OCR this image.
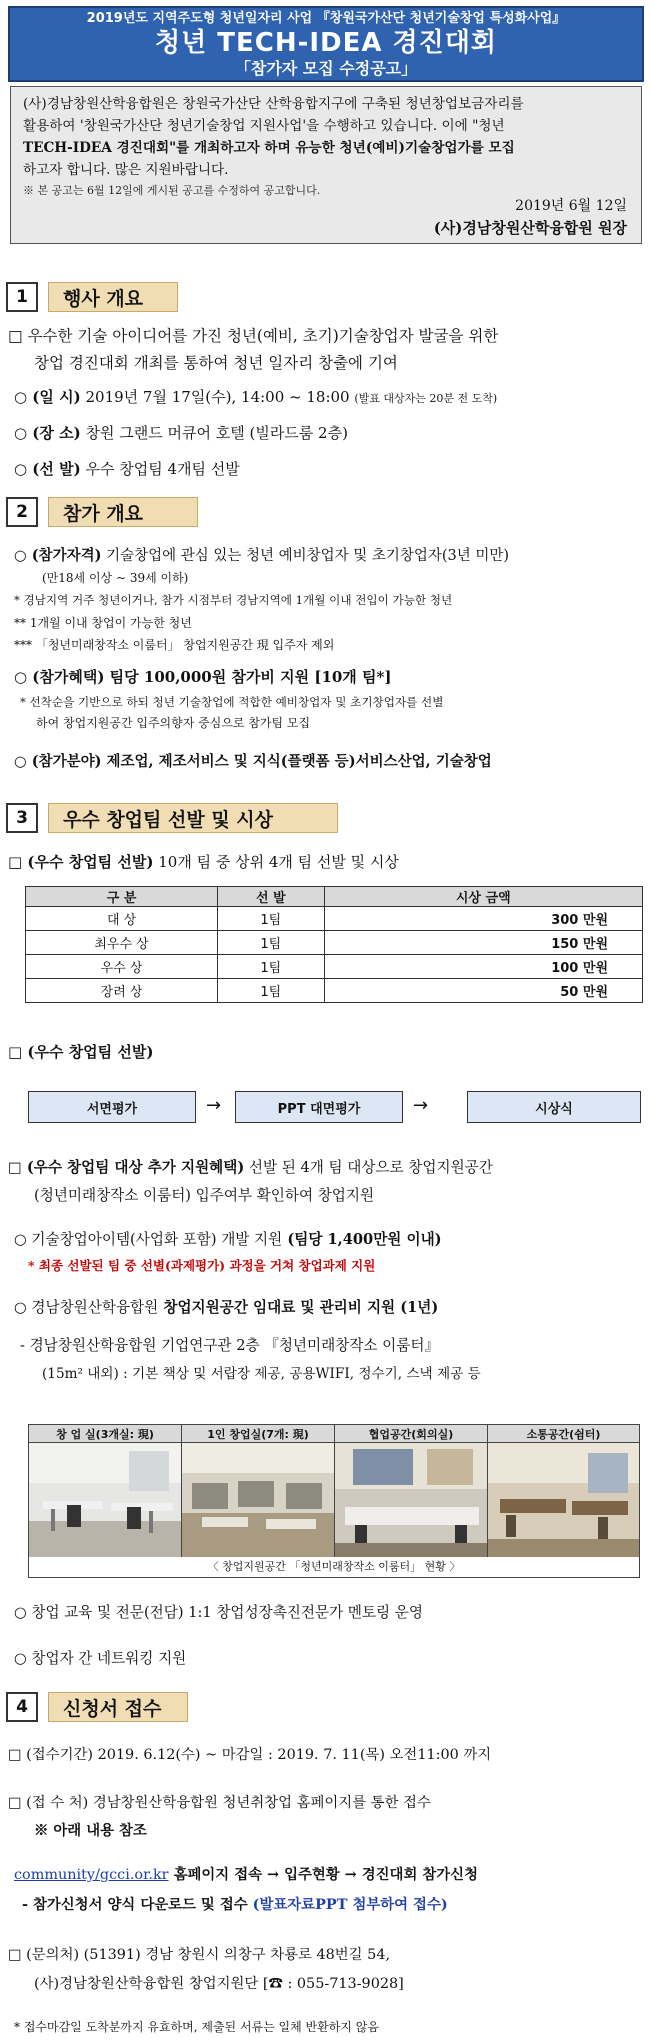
2019년도 지역주도형 청년일자리 사업 『창원국가산단 청년기술창업 특성화사업』
청년 TECH-IDEA 경진대회
「참가자 모집 수정공고」

(사)경남창원산학융합원은 창원국가산단 산학융합지구에 구축된 청년창업보금자리를

활용하여 '창원국가산단 청년기술창업 지원사업'을 수행하고 있습니다. 이에 "청년

TECH-IDEA 경진대회"를 개최하고자 하며 유능한 청년(예비)기술창업가를 모집

하고자 합니다. 많은 지원바랍니다.

※ 본 공고는 6월 12일에 게시된 공고를 수정하여 공고합니다.

2019년 6월 12일
(사)경남창원산학융합원 원장
1	행사 개요
□ 우수한 기술 아이디어를 가진 청년(예비, 초기)기술창업자 발굴을 위한
창업 경진대회 개최를 통하여 청년 일자리 창출에 기여
○ (일 시) 2019년 7월 17일(수), 14:00 ~ 18:00 (발표 대상자는 20분 전 도착)
○ (장 소) 창원 그랜드 머큐어 호텔 (빌라드룸 2층)
○ (선 발) 우수 창업팀 4개팀 선발
2	참가 개요
○ (참가자격) 기술창업에 관심 있는 청년 예비창업자 및 초기창업자(3년 미만)
(만18세 이상 ~ 39세 이하)
* 경남지역 거주 청년이거나, 참가 시점부터 경남지역에 1개월 이내 전입이 가능한 청년
** 1개월 이내 창업이 가능한 청년
*** 「청년미래창작소 이룸터」 창업지원공간 現 입주자 제외
○ (참가혜택) 팀당 100,000원 참가비 지원 [10개 팀*]
* 선착순을 기반으로 하되 청년 기술창업에 적합한 예비창업자 및 초기창업자를 선별
하여 창업지원공간 입주의향자 중심으로 참가팀 모집
○ (참가분야) 제조업, 제조서비스 및 지식(플랫폼 등)서비스산업, 기술창업
3	우수 창업팀 선발 및 시상
□ (우수 창업팀 선발) 10개 팀 중 상위 4개 팀 선발 및 시상
구 분	선 발	시상 금액
대 상	1팀	300 만원
최우수 상	1팀	150 만원
우수 상	1팀	100 만원
장려 상	1팀	50 만원
□ (우수 창업팀 선발)
서면평가	→	PPT 대면평가	→	시상식
□ (우수 창업팀 대상 추가 지원혜택) 선발 된 4개 팀 대상으로 창업지원공간
(청년미래창작소 이룸터) 입주여부 확인하여 창업지원
○ 기술창업아이템(사업화 포함) 개발 지원 (팀당 1,400만원 이내)
* 최종 선발된 팀 중 선별(과제평가) 과정을 거쳐 창업과제 지원
○ 경남창원산학융합원 창업지원공간 임대료 및 관리비 지원 (1년)
- 경남창원산학융합원 기업연구관 2층 『청년미래창작소 이룸터』
(15m² 내외) : 기본 책상 및 서랍장 제공, 공용WIFI, 정수기, 스낵 제공 등
창 업 실(3개실: 現)	1인 창업실(7개: 現)	협업공간(회의실)	소통공간(쉼터)
〈 창업지원공간 「청년미래창작소 이룸터」 현황 〉
○ 창업 교육 및 전문(전담) 1:1 창업성장촉진전문가 멘토링 운영
○ 창업자 간 네트워킹 지원
4	신청서 접수
□ (접수기간) 2019. 6.12(수) ~ 마감일 : 2019. 7. 11(목) 오전11:00 까지
□ (접 수 처) 경남창원산학융합원 청년취창업 홈페이지를 통한 접수
※ 아래 내용 참조
community/gcci.or.kr 홈페이지 접속 → 입주현황 → 경진대회 참가신청
- 참가신청서 양식 다운로드 및 접수 (발표자료PPT 첨부하여 접수)
□ (문의처) (51391) 경남 창원시 의창구 차룡로 48번길 54,
(사)경남창원산학융합원 창업지원단 [☎ : 055-713-9028]
* 접수마감일 도착분까지 유효하며, 제출된 서류는 일체 반환하지 않음
